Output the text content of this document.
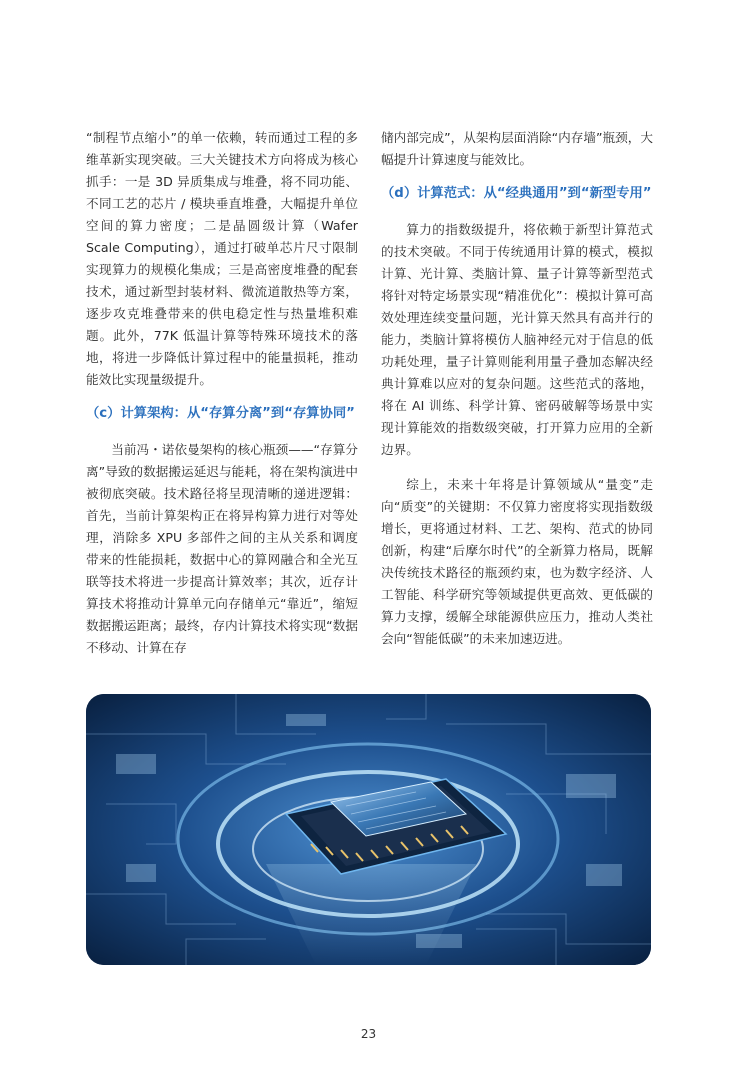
“制程节点缩小”的单一依赖，转而通过工程的多维革新实现突破。三大关键技术方向将成为核心抓手：一是 3D 异质集成与堆叠，将不同功能、不同工艺的芯片 / 模块垂直堆叠，大幅提升单位空间的算力密度；二是晶圆级计算（Wafer Scale Computing），通过打破单芯片尺寸限制实现算力的规模化集成；三是高密度堆叠的配套技术，通过新型封装材料、微流道散热等方案，逐步攻克堆叠带来的供电稳定性与热量堆积难题。此外，77K 低温计算等特殊环境技术的落地，将进一步降低计算过程中的能量损耗，推动能效比实现量级提升。

（c）计算架构：从“存算分离”到“存算协同”

当前冯・诺依曼架构的核心瓶颈——“存算分离”导致的数据搬运延迟与能耗，将在架构演进中被彻底突破。技术路径将呈现清晰的递进逻辑：首先，当前计算架构正在将异构算力进行对等处理，消除多 XPU 多部件之间的主从关系和调度带来的性能损耗，数据中心的算网融合和全光互联等技术将进一步提高计算效率；其次，近存计算技术将推动计算单元向存储单元“靠近”，缩短数据搬运距离；最终，存内计算技术将实现“数据不移动、计算在存

储内部完成”，从架构层面消除“内存墙”瓶颈，大幅提升计算速度与能效比。

（d）计算范式：从“经典通用”到“新型专用”

算力的指数级提升，将依赖于新型计算范式的技术突破。不同于传统通用计算的模式，模拟计算、光计算、类脑计算、量子计算等新型范式将针对特定场景实现“精准优化”：模拟计算可高效处理连续变量问题，光计算天然具有高并行的能力，类脑计算将模仿人脑神经元对于信息的低功耗处理，量子计算则能利用量子叠加态解决经典计算难以应对的复杂问题。这些范式的落地，将在 AI 训练、科学计算、密码破解等场景中实现计算能效的指数级突破，打开算力应用的全新边界。

综上，未来十年将是计算领域从“量变”走向“质变”的关键期：不仅算力密度将实现指数级增长，更将通过材料、工艺、架构、范式的协同创新，构建“后摩尔时代”的全新算力格局，既解决传统技术路径的瓶颈约束，也为数字经济、人工智能、科学研究等领域提供更高效、更低碳的算力支撑，缓解全球能源供应压力，推动人类社会向“智能低碳”的未来加速迈进。

23
